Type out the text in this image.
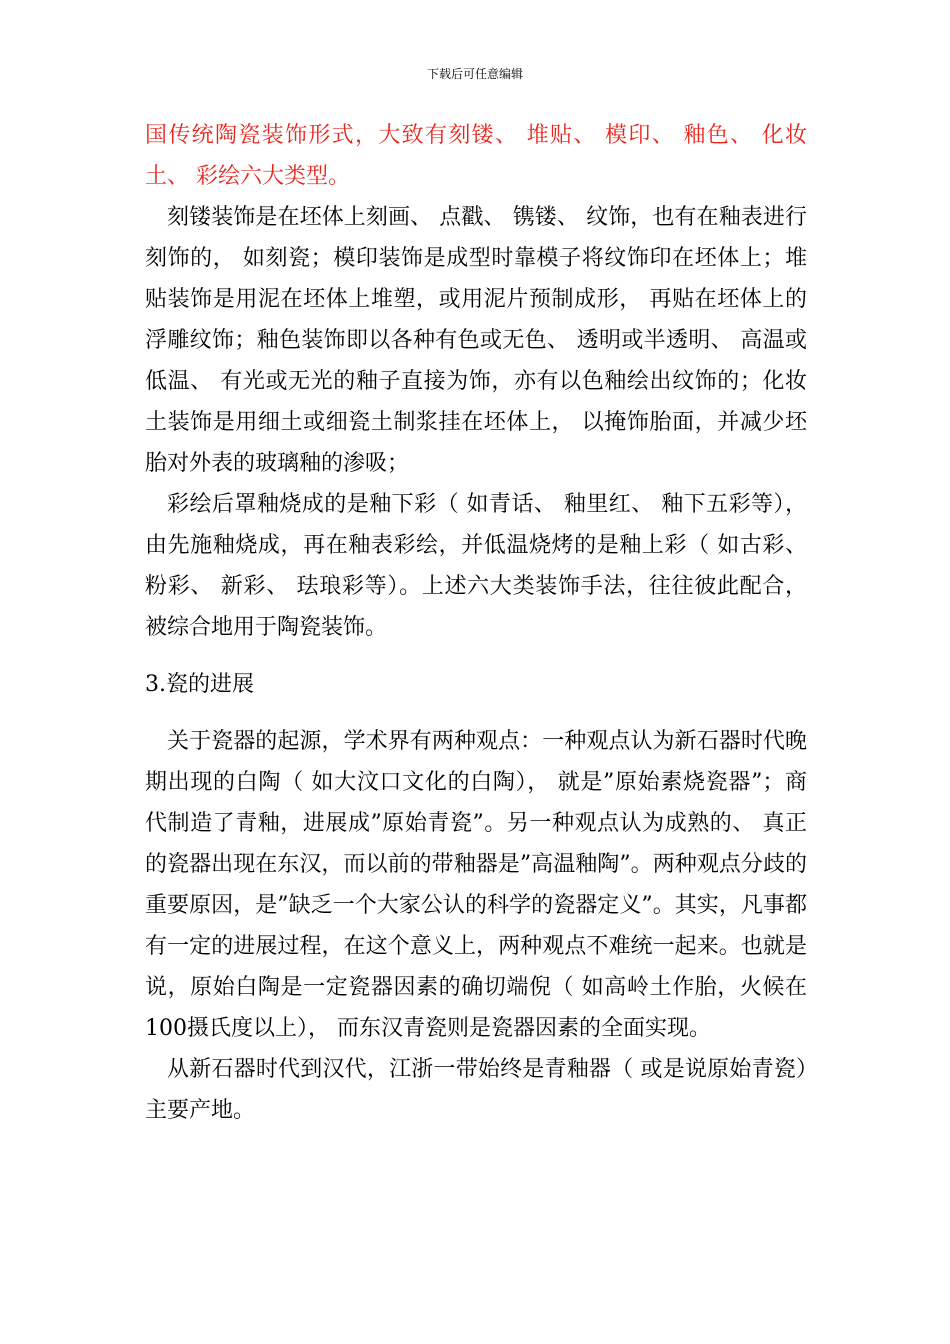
下载后可任意编辑

国传统陶瓷装饰形式，大致有刻镂、 堆贴、 模印、 釉色、 化妆土、 彩绘六大类型。

刻镂装饰是在坯体上刻画、 点戳、 镌镂、 纹饰，也有在釉表进行刻饰的， 如刻瓷；模印装饰是成型时靠模子将纹饰印在坯体上；堆贴装饰是用泥在坯体上堆塑，或用泥片预制成形， 再贴在坯体上的浮雕纹饰；釉色装饰即以各种有色或无色、 透明或半透明、 高温或低温、 有光或无光的釉子直接为饰，亦有以色釉绘出纹饰的；化妆土装饰是用细土或细瓷土制浆挂在坯体上， 以掩饰胎面，并减少坯胎对外表的玻璃釉的渗吸；

彩绘后罩釉烧成的是釉下彩（ 如青话、 釉里红、 釉下五彩等）， 由先施釉烧成，再在釉表彩绘，并低温烧烤的是釉上彩（ 如古彩、 粉彩、 新彩、 珐琅彩等）。上述六大类装饰手法，往往彼此配合，被综合地用于陶瓷装饰。

3.瓷的进展

关于瓷器的起源，学术界有两种观点：一种观点认为新石器时代晚期出现的白陶（ 如大汶口文化的白陶）， 就是”原始素烧瓷器”；商代制造了青釉，进展成”原始青瓷”。另一种观点认为成熟的、 真正的瓷器出现在东汉，而以前的带釉器是”高温釉陶”。两种观点分歧的重要原因，是”缺乏一个大家公认的科学的瓷器定义”。其实，凡事都有一定的进展过程，在这个意义上，两种观点不难统一起来。也就是说，原始白陶是一定瓷器因素的确切端倪（ 如高岭土作胎，火候在100摄氏度以上）， 而东汉青瓷则是瓷器因素的全面实现。

从新石器时代到汉代，江浙一带始终是青釉器（ 或是说原始青瓷）主要产地。
